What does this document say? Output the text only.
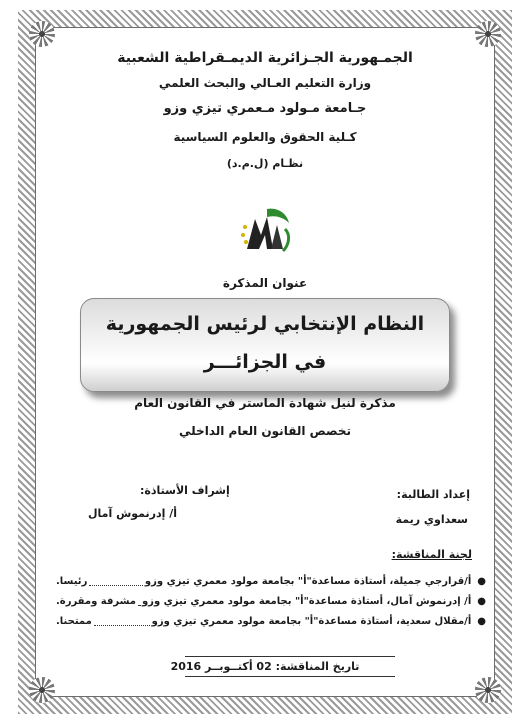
الجمـهورية الجـزائرية الديمـقراطية الشعبية
وزارة التعليم العـالي والبحث العلمي
جـامعة مـولود مـعمري تيزي وزو
كـلية الحقوق والعلوم السياسية
نظـام (ل.م.د)
عنوان المذكرة
النظام الإنتخابي لرئيس الجمهورية
في الجزائـــر
مذكرة لنيل شهادة الماستر في القانون العام
تخصص القانون العام الداخلي
إعداد الطالبة:
سعداوي ريمة
إشراف الأستاذة:
أ/ إدرنموش آمال
لجنة المناقشة:
●
أ/قرارجي جميلة، أستاذة مساعدة"أ" بجامعة مولود معمري تيزي وزو
رئيسا.
●
أ/ إدرنموش آمال، أستاذة مساعدة"أ" بجامعة مولود معمري تيزي وزو
مشرفة ومقررة.
●
أ/مقلال سعدية، أستاذة مساعدة"أ" بجامعة مولود معمري تيزي وزو
ممتحنا.
تاريخ المناقشة: 02 أكتــوبــر 2016
